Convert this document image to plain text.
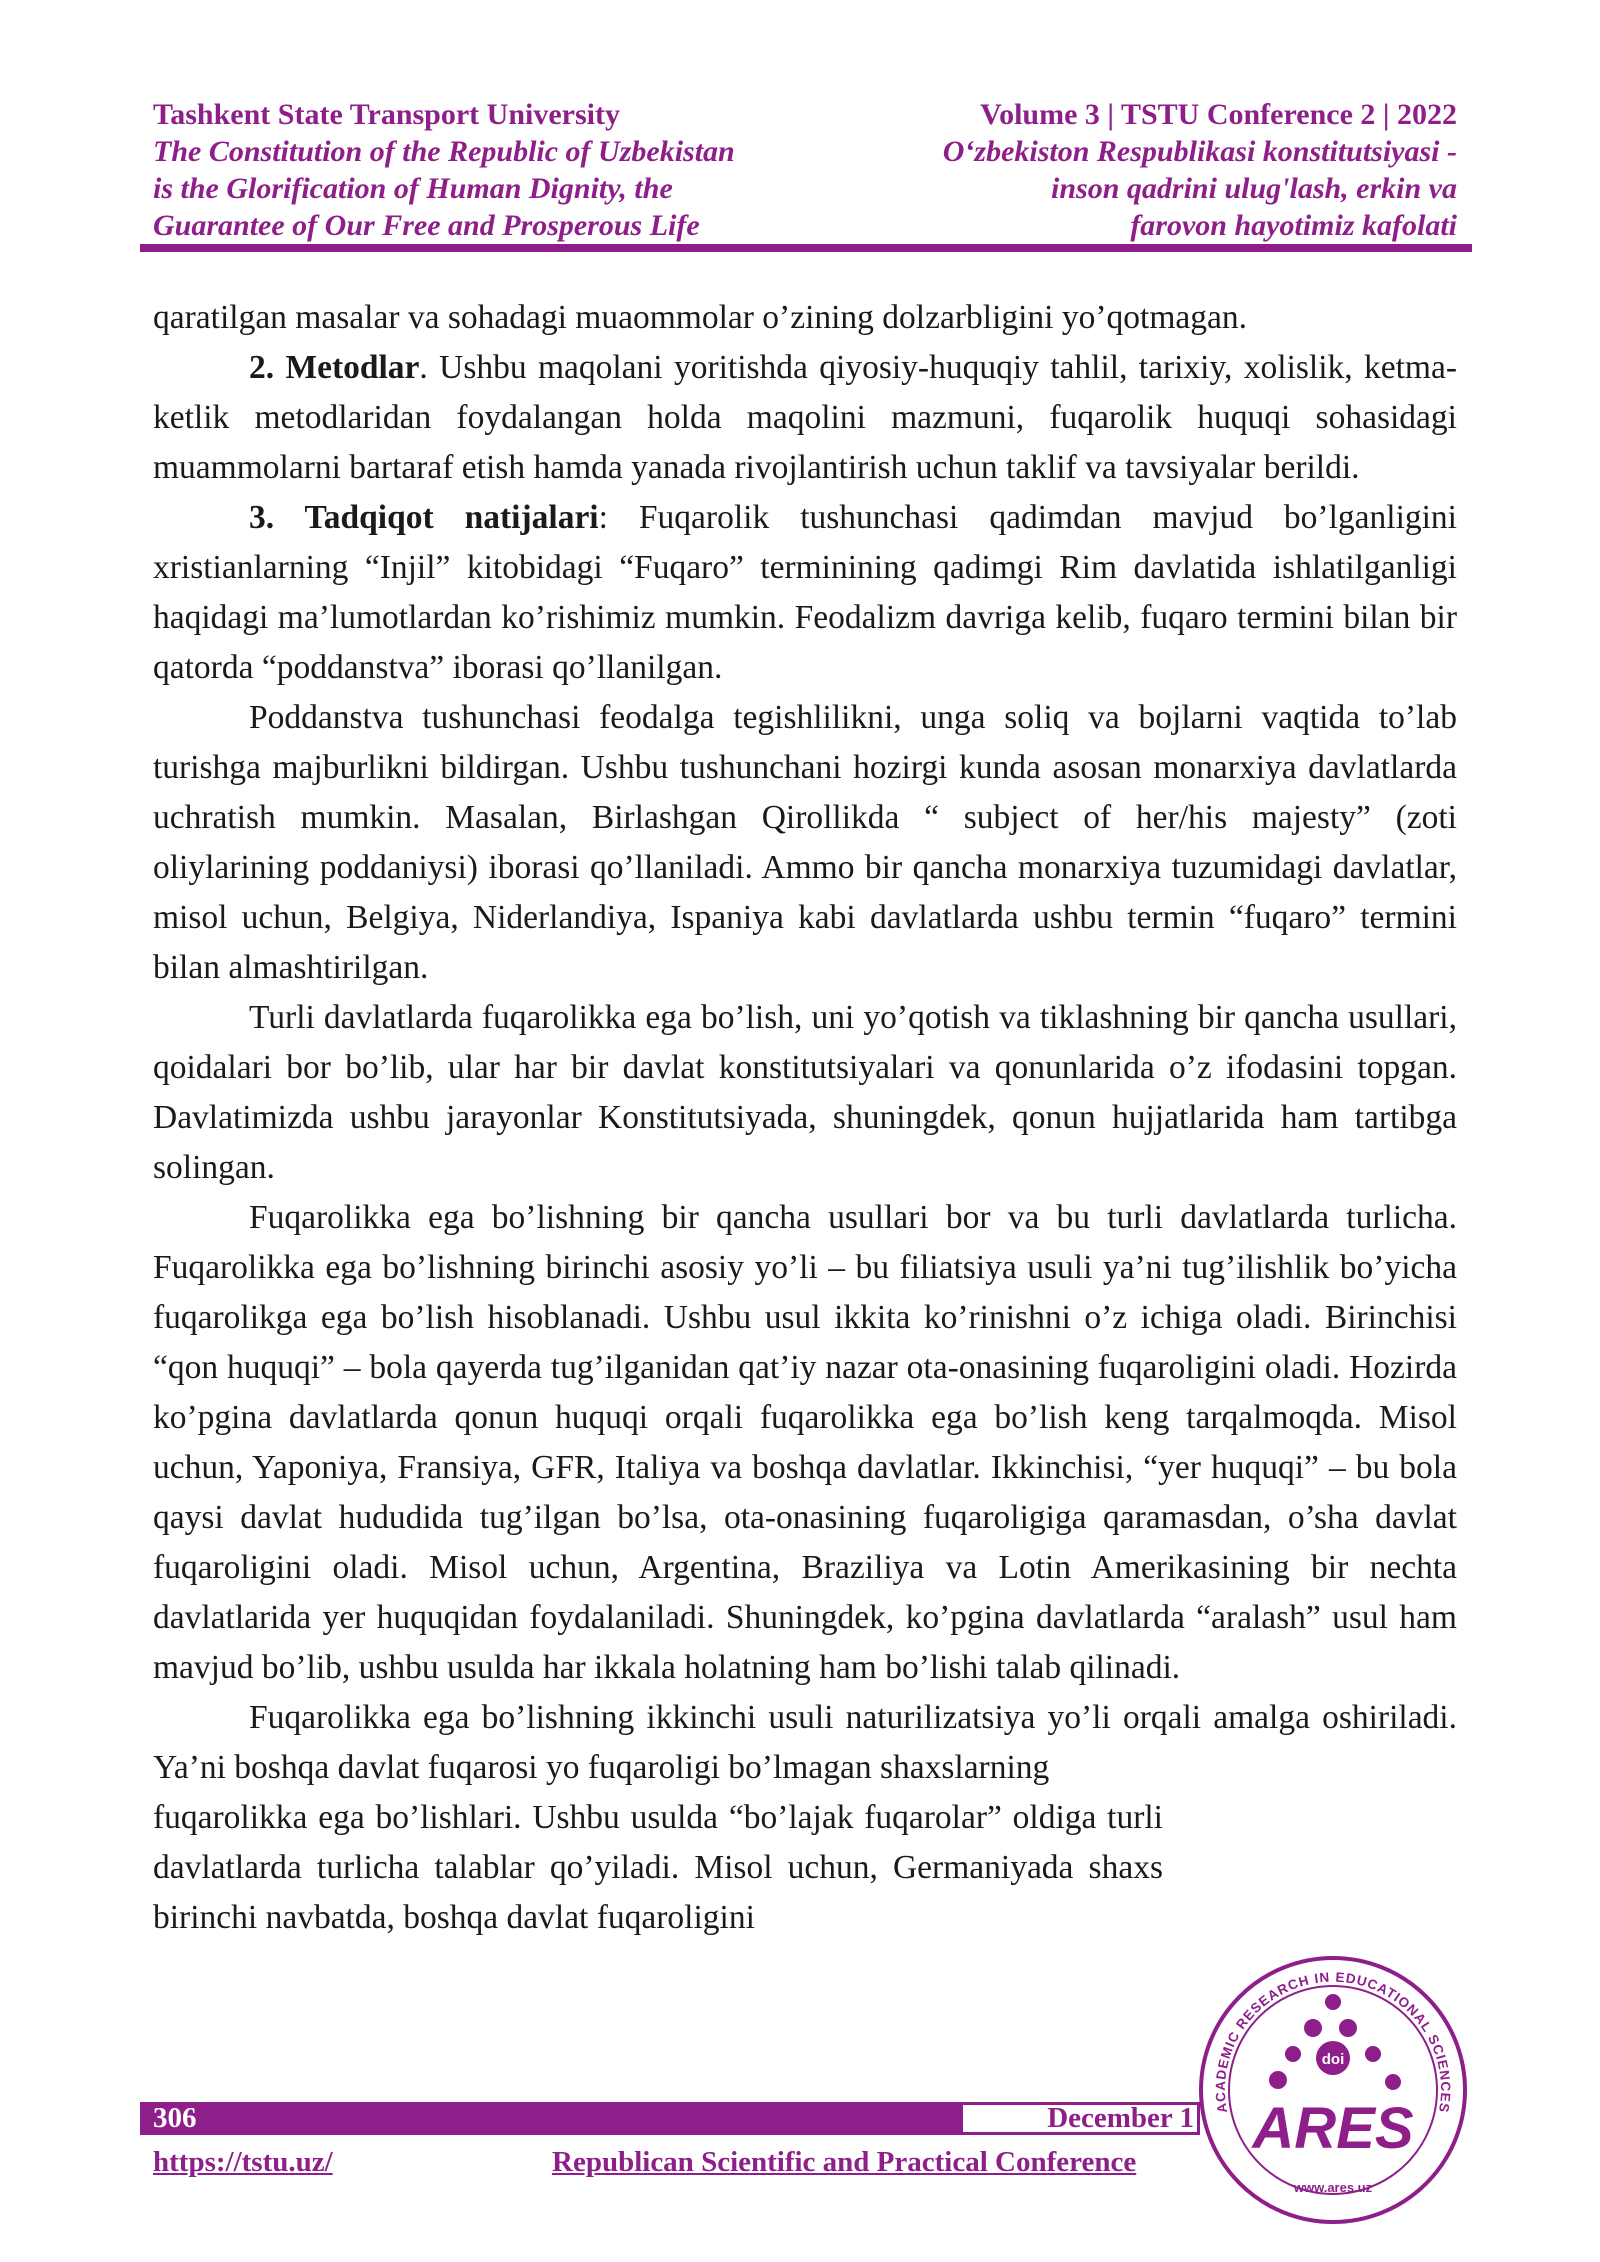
Tashkent State Transport University
The Constitution of the Republic of Uzbekistan
is the Glorification of Human Dignity, the
Guarantee of Our Free and Prosperous Life
Volume 3 | TSTU Conference 2 | 2022
O‘zbekiston Respublikasi konstitutsiyasi -
inson qadrini ulug'lash, erkin va
farovon hayotimiz kafolati

qaratilgan masalar va sohadagi muaommolar o’zining dolzarbligini yo’qotmagan.

2. Metodlar. Ushbu maqolani yoritishda qiyosiy-huquqiy tahlil, tarixiy, xolislik, ketma-ketlik metodlaridan foydalangan holda maqolini mazmuni, fuqarolik huquqi sohasidagi muammolarni bartaraf etish hamda yanada rivojlantirish uchun taklif va tavsiyalar berildi.

3. Tadqiqot natijalari: Fuqarolik tushunchasi qadimdan mavjud bo’lganligini xristianlarning “Injil” kitobidagi “Fuqaro” terminining qadimgi Rim davlatida ishlatilganligi haqidagi ma’lumotlardan ko’rishimiz mumkin. Feodalizm davriga kelib, fuqaro termini bilan bir qatorda “poddanstva” iborasi qo’llanilgan.

Poddanstva tushunchasi feodalga tegishlilikni, unga soliq va bojlarni vaqtida to’lab turishga majburlikni bildirgan. Ushbu tushunchani hozirgi kunda asosan monarxiya davlatlarda uchratish mumkin. Masalan, Birlashgan Qirollikda “ subject of her/his majesty” (zoti oliylarining poddaniysi) iborasi qo’llaniladi. Ammo bir qancha monarxiya tuzumidagi davlatlar, misol uchun, Belgiya, Niderlandiya, Ispaniya kabi davlatlarda ushbu termin “fuqaro” termini bilan almashtirilgan.

Turli davlatlarda fuqarolikka ega bo’lish, uni yo’qotish va tiklashning bir qancha usullari, qoidalari bor bo’lib, ular har bir davlat konstitutsiyalari va qonunlarida o’z ifodasini topgan. Davlatimizda ushbu jarayonlar Konstitutsiyada, shuningdek, qonun hujjatlarida ham tartibga solingan.

Fuqarolikka ega bo’lishning bir qancha usullari bor va bu turli davlatlarda turlicha. Fuqarolikka ega bo’lishning birinchi asosiy yo’li – bu filiatsiya usuli ya’ni tug’ilishlik bo’yicha fuqarolikga ega bo’lish hisoblanadi. Ushbu usul ikkita ko’rinishni o’z ichiga oladi. Birinchisi “qon huquqi” – bola qayerda tug’ilganidan qat’iy nazar ota-onasining fuqaroligini oladi. Hozirda ko’pgina davlatlarda qonun huquqi orqali fuqarolikka ega bo’lish keng tarqalmoqda. Misol uchun, Yaponiya, Fransiya, GFR, Italiya va boshqa davlatlar. Ikkinchisi, “yer huquqi” – bu bola qaysi davlat hududida tug’ilgan bo’lsa, ota-onasining fuqaroligiga qaramasdan, o’sha davlat fuqaroligini oladi. Misol uchun, Argentina, Braziliya va Lotin Amerikasining bir nechta davlatlarida yer huquqidan foydalaniladi. Shuningdek, ko’pgina davlatlarda “aralash” usul ham mavjud bo’lib, ushbu usulda har ikkala holatning ham bo’lishi talab qilinadi.

Fuqarolikka ega bo’lishning ikkinchi usuli naturilizatsiya yo’li orqali amalga oshiriladi. Ya’ni boshqa davlat fuqarosi yo fuqaroligi bo’lmagan shaxslarning

fuqarolikka ega bo’lishlari. Ushbu usulda “bo’lajak fuqarolar” oldiga turli davlatlarda turlicha talablar qo’yiladi. Misol uchun, Germaniyada shaxs birinchi navbatda, boshqa davlat fuqaroligini

306	December 1
https://tstu.uz/	Republican Scientific and Practical Conference
ACADEMIC RESEARCH IN EDUCATIONAL SCIENCES
doi
ARES
www.ares.uz
